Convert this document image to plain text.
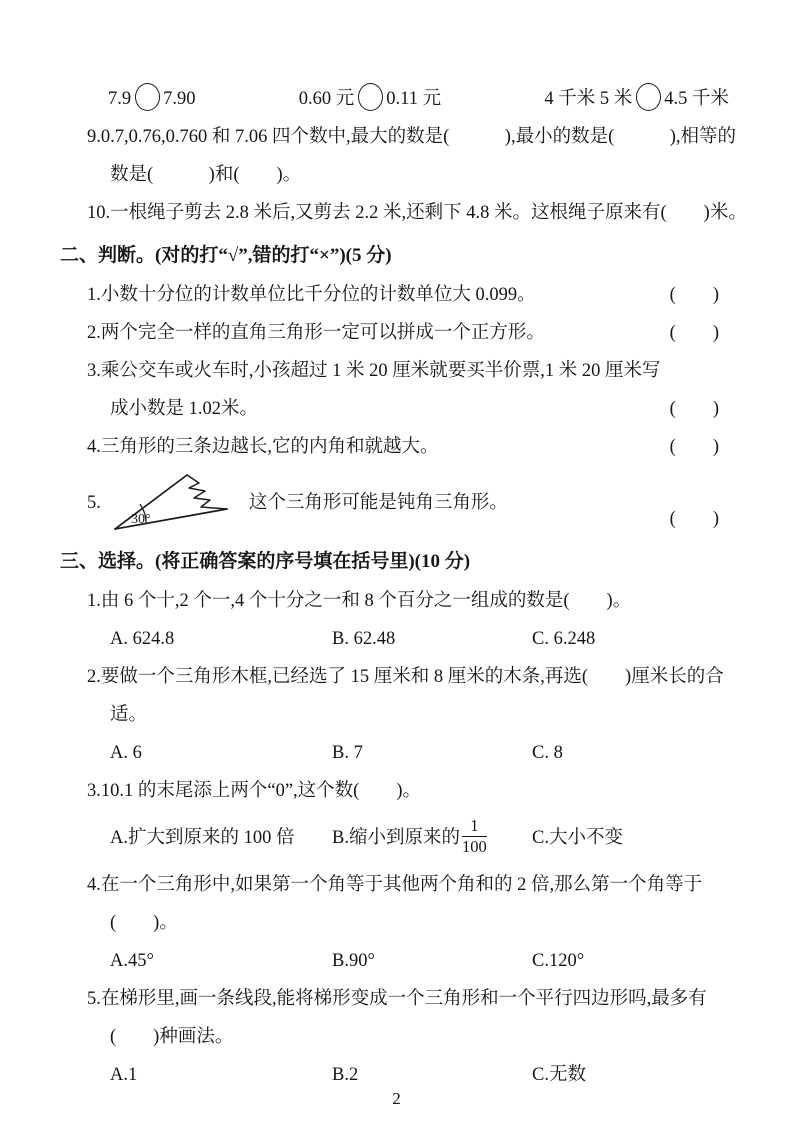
7.9 7.90	0.60 元 0.11 元	4 千米 5 米 4.5 千米

9.0.7,0.76,0.760 和 7.06 四个数中,最大的数是(　　　),最小的数是(　　　),相等的数是(　　　)和(　　)。

10.一根绳子剪去 2.8 米后,又剪去 2.2 米,还剩下 4.8 米。这根绳子原来有(　　)米。

二、判断。(对的打“√”,错的打“×”)(5 分)

1.小数十分位的计数单位比千分位的计数单位大 0.099。	(　　)

2.两个完全一样的直角三角形一定可以拼成一个正方形。	(　　)

3.乘公交车或火车时,小孩超过 1 米 20 厘米就要买半价票,1 米 20 厘米写成小数是 1.02米。	(　　)

4.三角形的三条边越长,它的内角和就越大。	(　　)
5.
30°
这个三角形可能是钝角三角形。
(　　)
三、选择。(将正确答案的序号填在括号里)(10 分)

1.由 6 个十,2 个一,4 个十分之一和 8 个百分之一组成的数是(　　)。

A. 624.8	B. 62.48	C. 6.248

2.要做一个三角形木框,已经选了 15 厘米和 8 厘米的木条,再选(　　)厘米长的合适。

A. 6	B. 7	C. 8

3.10.1 的末尾添上两个“0”,这个数(　　)。

A.扩大到原来的 100 倍	B.缩小到原来的 $\frac{1}{100} C$.大小不变

4.在一个三角形中,如果第一个角等于其他两个角和的 2 倍,那么第一个角等于 (　　)。

A.45°	B.90°	C.120°

5.在梯形里,画一条线段,能将梯形变成一个三角形和一个平行四边形吗,最多有 (　　)种画法。

A.1	B.2	C.无数
2
